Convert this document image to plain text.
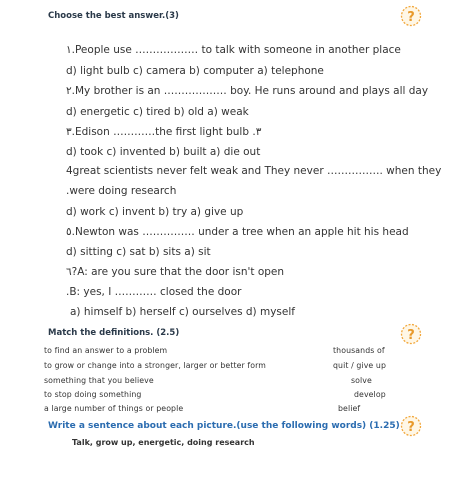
Choose the best answer.(3)	?
١.People use ……………… to talk with someone in another place
d) light bulb c) camera b) computer a) telephone
٢.My brother is an ……………… boy. He runs around and plays all day
d) energetic c) tired b) old a) weak
٣.Edison …………the first light bulb .٣
d) took c) invented b) built a) die out
4great scientists never felt weak and They never ……………. when they
.were doing research
d) work c) invent b) try a) give up
٥.Newton was …………… under a tree when an apple hit his head
d) sitting c) sat b) sits a) sit
٦?A: are you sure that the door isn't open
.B: yes, I ………… closed the door
a) himself b) herself c) ourselves d) myself
Match the definitions. (2.5)	?
to find an answer to a problem
to grow or change into a stronger, larger or better form
something that you believe
to stop doing something
a large number of things or people
thousands of
quit / give up
solve
develop
belief
Write a sentence about each picture.(use the following words) (1.25) ?
Talk, grow up, energetic, doing research
